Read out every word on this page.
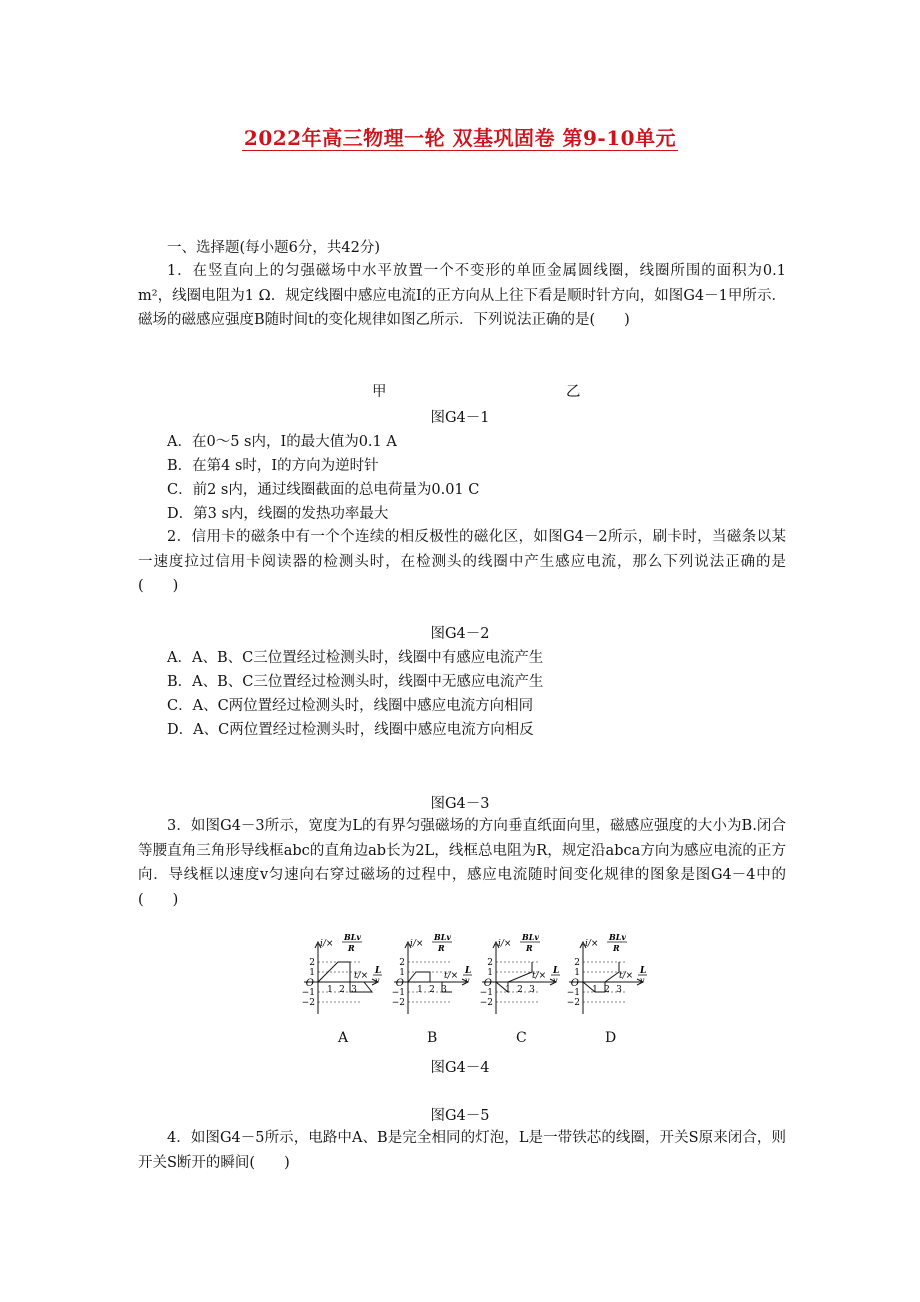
2022年高三物理一轮 双基巩固卷 第9-10单元
一、选择题(每小题6分，共42分)
1．在竖直向上的匀强磁场中水平放置一个不变形的单匝金属圆线圈，线圈所围的面积为0.1 m²，线圈电阻为1 Ω．规定线圈中感应电流I的正方向从上往下看是顺时针方向，如图G4－1甲所示．磁场的磁感应强度B随时间t的变化规律如图乙所示．下列说法正确的是(　　)
甲	乙
图G4－1
A．在0～5 s内，I的最大值为0.1 A
B．在第4 s时，I的方向为逆时针
C．前2 s内，通过线圈截面的总电荷量为0.01 C
D．第3 s内，线圈的发热功率最大
2．信用卡的磁条中有一个个连续的相反极性的磁化区，如图G4－2所示，刷卡时，当磁条以某一速度拉过信用卡阅读器的检测头时，在检测头的线圈中产生感应电流，那么下列说法正确的是(　　)
图G4－2
A．A、B、C三位置经过检测头时，线圈中有感应电流产生
B．A、B、C三位置经过检测头时，线圈中无感应电流产生
C．A、C两位置经过检测头时，线圈中感应电流方向相同
D．A、C两位置经过检测头时，线圈中感应电流方向相反
图G4－3
3．如图G4－3所示，宽度为L的有界匀强磁场的方向垂直纸面向里，磁感应强度的大小为B.闭合等腰直角三角形导线框abc的直角边ab长为2L，线框总电阻为R，规定沿abca方向为感应电流的正方向．导线框以速度v匀速向右穿过磁场的过程中，感应电流随时间变化规律的图象是图G4－4中的(　　)
2
1
−1
−2
1 2 3
O
i/×
BLv
R
t/× L
v
2
1
−1
−2
1 2 3
O
i/×
BLv
R
t/× L
v
2
1
−1
−2
1 2 3
O
i/×
BLv
R
t/× L
v
2
1
−1
−2
1 2 3
O
i/×
BLv
R
t/× L
v
A	B	C	D
图G4－4
图G4－5
4．如图G4－5所示，电路中A、B是完全相同的灯泡，L是一带铁芯的线圈，开关S原来闭合，则开关S断开的瞬间(　　)
